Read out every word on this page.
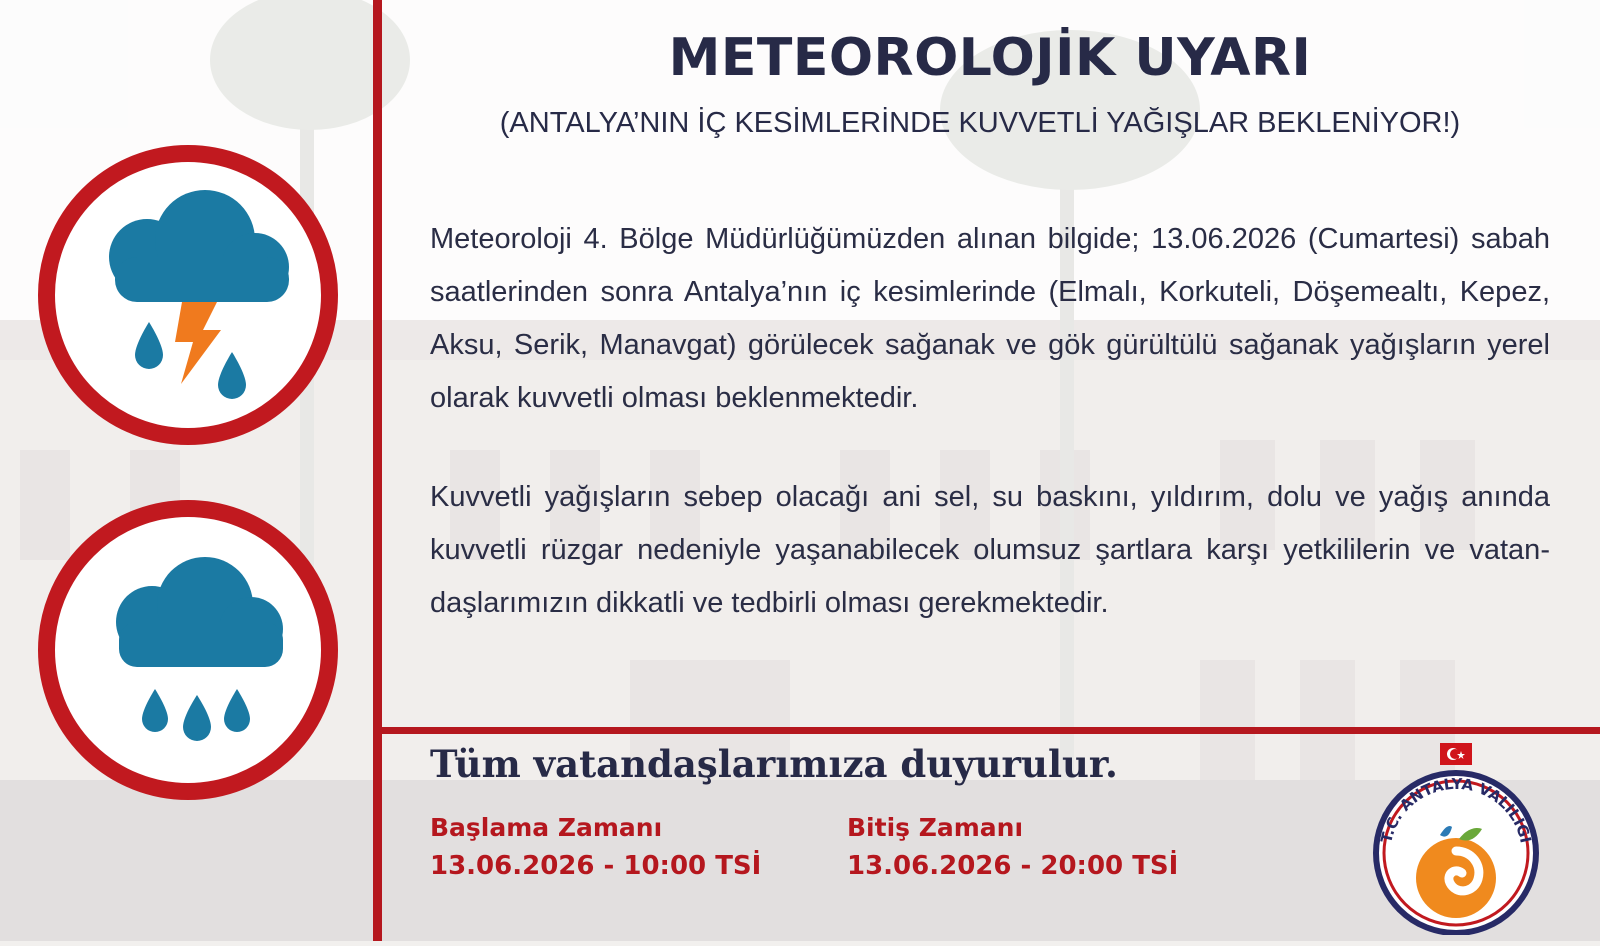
METEOROLOJİK UYARI

(ANTALYA’NIN İÇ KESİMLERİNDE KUVVETLİ YAĞIŞLAR BEKLENİYOR!)

Meteoroloji 4. Bölge Müdürlüğümüzden alınan bilgide; 13.06.2026 (Cumartesi) sabah saatlerinden sonra Antalya’nın iç kesimlerinde (Elmalı, Korkuteli, Döşemealtı, Kepez, Aksu, Serik, Manavgat) görülecek sağanak ve gök gürültülü sağanak yağışların yerel olarak kuvvetli olması beklenmektedir.

Kuvvetli yağışların sebep olacağı ani sel, su baskını, yıldırım, dolu ve yağış anında kuvvetli rüzgar nedeniyle yaşanabilecek olumsuz şartlara karşı yetkililerin ve vatandaşlarımızın dikkatli ve tedbirli olması gerekmektedir.

Tüm vatandaşlarımıza duyurulur.

Başlama Zamanı

13.06.2026 - 10:00 TSİ

Bitiş Zamanı

13.06.2026 - 20:00 TSİ

T.C. ANTALYA VALİLİĞİ
